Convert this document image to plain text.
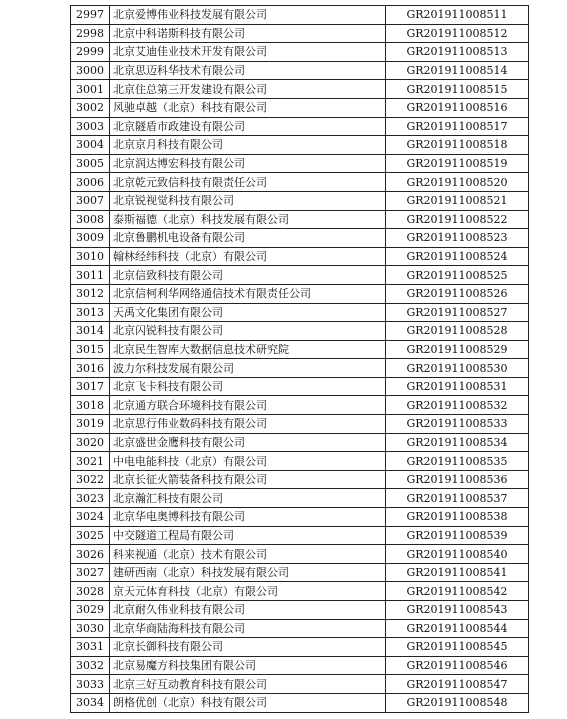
2997	北京爱博伟业科技发展有限公司	GR201911008511
2998	北京中科诺斯科技有限公司	GR201911008512
2999	北京艾迪佳业技术开发有限公司	GR201911008513
3000	北京思迈科华技术有限公司	GR201911008514
3001	北京住总第三开发建设有限公司	GR201911008515
3002	风驰卓越（北京）科技有限公司	GR201911008516
3003	北京隧盾市政建设有限公司	GR201911008517
3004	北京京月科技有限公司	GR201911008518
3005	北京润达博宏科技有限公司	GR201911008519
3006	北京乾元致信科技有限责任公司	GR201911008520
3007	北京锐视觉科技有限公司	GR201911008521
3008	泰斯福德（北京）科技发展有限公司	GR201911008522
3009	北京鲁鹏机电设备有限公司	GR201911008523
3010	翰林经纬科技（北京）有限公司	GR201911008524
3011	北京信致科技有限公司	GR201911008525
3012	北京信柯利华网络通信技术有限责任公司	GR201911008526
3013	天禹文化集团有限公司	GR201911008527
3014	北京闪锐科技有限公司	GR201911008528
3015	北京民生智库大数据信息技术研究院	GR201911008529
3016	波力尔科技发展有限公司	GR201911008530
3017	北京飞卡科技有限公司	GR201911008531
3018	北京通方联合环境科技有限公司	GR201911008532
3019	北京思行伟业数码科技有限公司	GR201911008533
3020	北京盛世金鹰科技有限公司	GR201911008534
3021	中电电能科技（北京）有限公司	GR201911008535
3022	北京长征火箭装备科技有限公司	GR201911008536
3023	北京瀚汇科技有限公司	GR201911008537
3024	北京华电奥博科技有限公司	GR201911008538
3025	中交隧道工程局有限公司	GR201911008539
3026	科来视通（北京）技术有限公司	GR201911008540
3027	建研西南（北京）科技发展有限公司	GR201911008541
3028	京天元体育科技（北京）有限公司	GR201911008542
3029	北京耐久伟业科技有限公司	GR201911008543
3030	北京华商陆海科技有限公司	GR201911008544
3031	北京长御科技有限公司	GR201911008545
3032	北京易魔方科技集团有限公司	GR201911008546
3033	北京三好互动教育科技有限公司	GR201911008547
3034	朗格优创（北京）科技有限公司	GR201911008548
